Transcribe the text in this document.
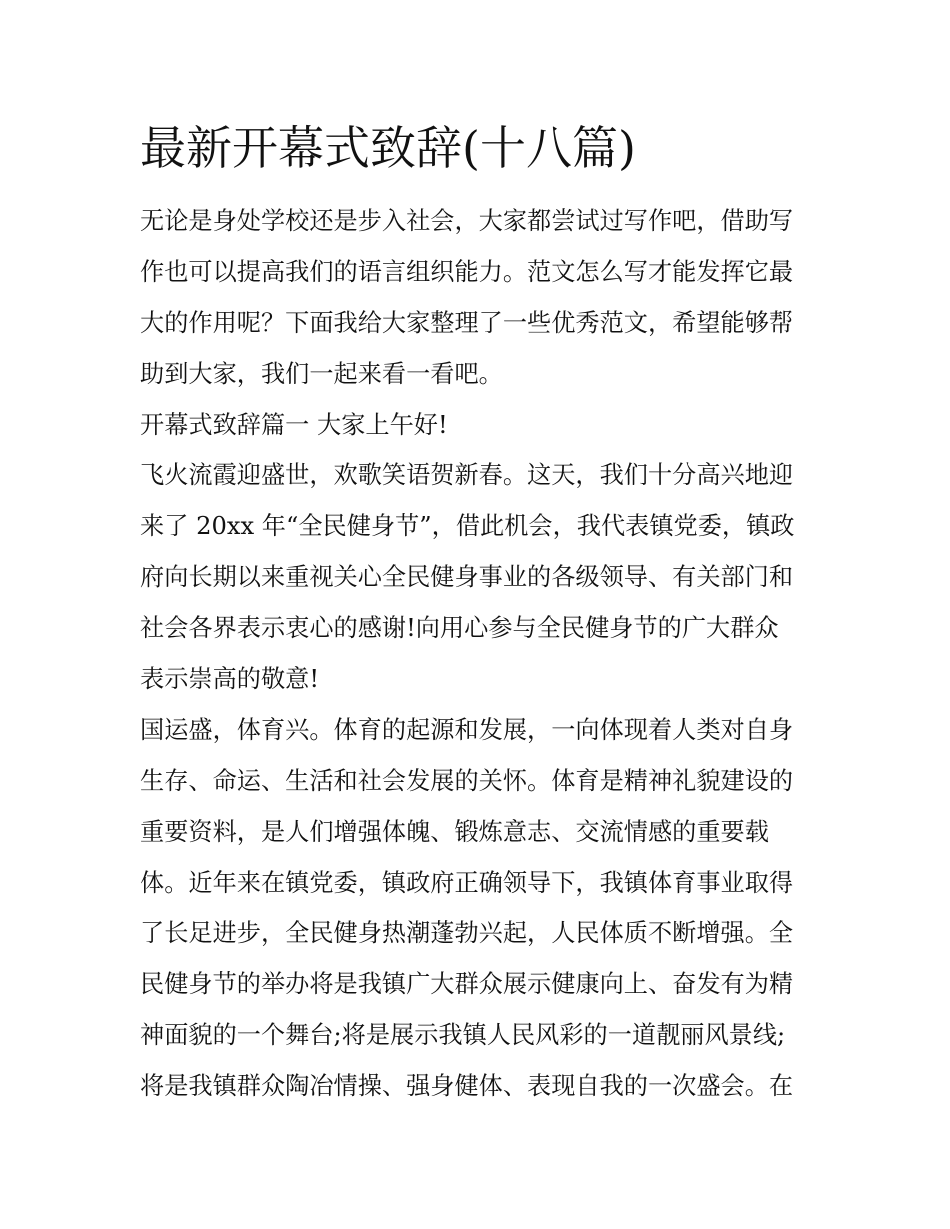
最新开幕式致辞(十八篇)
无论是身处学校还是步入社会，大家都尝试过写作吧，借助写
作也可以提高我们的语言组织能力。范文怎么写才能发挥它最
大的作用呢？下面我给大家整理了一些优秀范文，希望能够帮
助到大家，我们一起来看一看吧。
开幕式致辞篇一 大家上午好!
飞火流霞迎盛世，欢歌笑语贺新春。这天，我们十分高兴地迎
来了 20xx 年“全民健身节”，借此机会，我代表镇党委，镇政
府向长期以来重视关心全民健身事业的各级领导、有关部门和
社会各界表示衷心的感谢!向用心参与全民健身节的广大群众
表示崇高的敬意!
国运盛，体育兴。体育的起源和发展，一向体现着人类对自身
生存、命运、生活和社会发展的关怀。体育是精神礼貌建设的
重要资料，是人们增强体魄、锻炼意志、交流情感的重要载
体。近年来在镇党委，镇政府正确领导下，我镇体育事业取得
了长足进步，全民健身热潮蓬勃兴起，人民体质不断增强。全
民健身节的举办将是我镇广大群众展示健康向上、奋发有为精
神面貌的一个舞台;将是展示我镇人民风彩的一道靓丽风景线;
将是我镇群众陶冶情操、强身健体、表现自我的一次盛会。在
